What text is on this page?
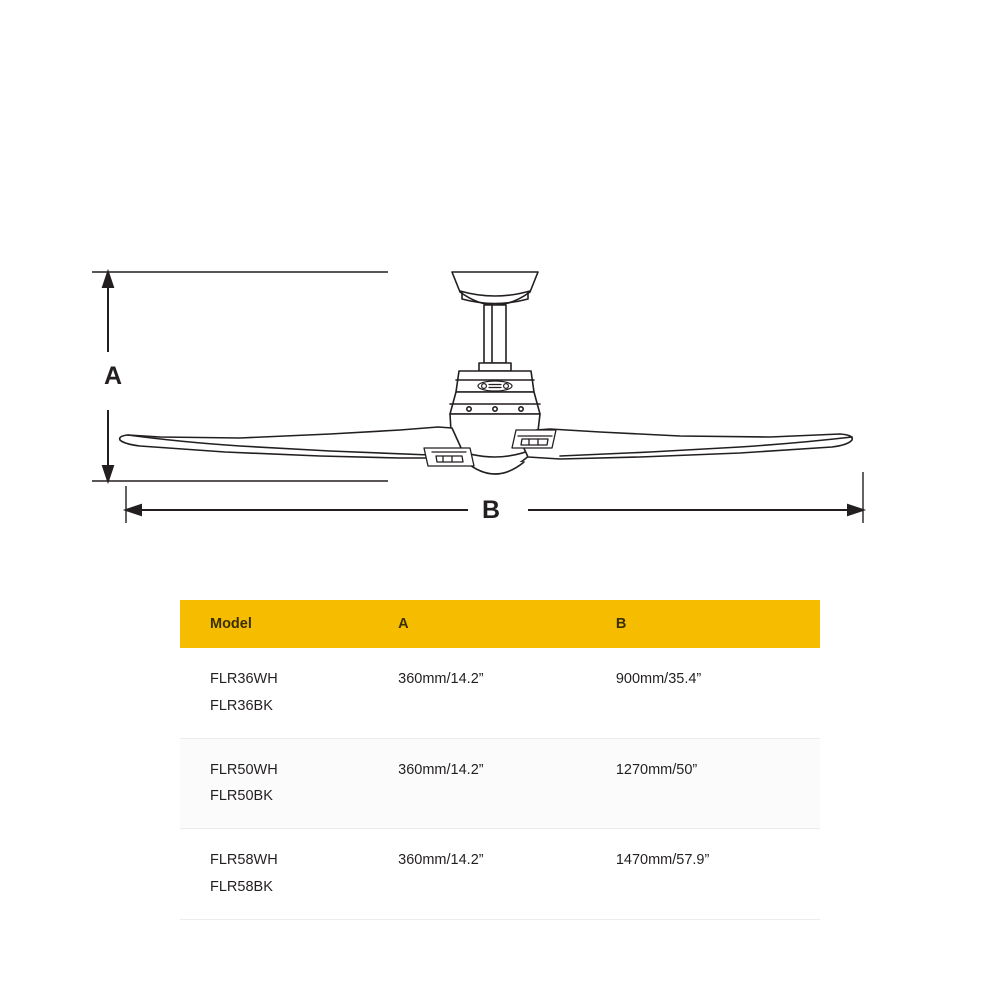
A
B
Model	A	B

FLR36WH
FLR36BK	360mm/14.2”	900mm/35.4”

FLR50WH
FLR50BK	360mm/14.2”	1270mm/50”

FLR58WH
FLR58BK	360mm/14.2”	1470mm/57.9”
